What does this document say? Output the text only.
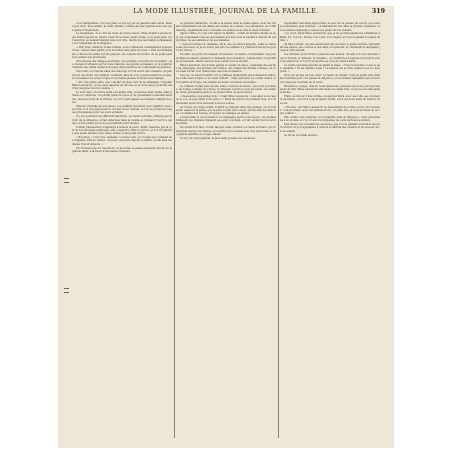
LA MODE ILLUSTRÉE, JOURNAL DE LA FAMILLE.	319

vous tranquillisez, s'il vous plaît, et que le jour se passera sans ennui. Mais voyez donc, mon enfant, la chère femme, comme elle me regarde avec ses yeux pleins d'inquiétude.

Le lendemain, on se mit en route de bonne heure. Mme Sophie Laurencin, qui était toujours en retard, avait dû se lever avant l'aube, et le petit Jean, tout endormi, se laissait habiller sans mot dire, tandis que les malles s'entassaient sur l'impériale de la diligence.

« Mon Dieu, disait la bonne femme, nous oublierons certainement quelque chose ; mais il faut partir, et le bon Dieu aura pitié de nous. » Elle recommandait à chacun de veiller sur les paquets, de compter les boîtes, de ne point perdre le panier aux provisions.

On traversa des villages endormis, des prairies couvertes de brouillard ; les chevaux trottaient sur la route blanche, les grelots sonnaient, et le postillon chantait une vieille chanson du pays dont personne ne comprenait les paroles.

Vers midi, on s'arrêta dans une auberge où l'on servit une omelette, du jambon et des fruits. Les enfants couraient dans la cour, poursuivaient les poules, et revenaient les joues rouges et les mains pleines de fleurs des champs.

« Ah ! ma chère amie, que cela fait de bien, l'air de la campagne ! répétait Mme Laurencin ; je me sens rajeunie de dix ans, et je crois que je pourrais marcher jusqu'au bout du monde. »

Le soir venu, on arriva enfin à la petite ville. La maison était vieille, mais grande et commode ; un jardin plein de roses et de groseilliers s'étendait derrière, jusqu'au bord de la rivière, où l'on voyait passer les bateaux chargés de bois.

Chacun s'installa de son mieux. Les enfants choisirent leur chambre sous les toits, d'où l'on apercevait le clocher et les collines, et l'on se promit de longues promenades pour les jours suivants.

Il y eut pourtant une difficulté imprévue : la vieille servante, effrayée par le bruit de la diligence, s'était enfermée dans la cuisine et refusait d'ouvrir à qui que ce fût, jurant qu'on ne la prendrait point vivante.

Il fallut parlementer longtemps à travers la porte. Enfin, rassurée par la voix de son ancienne maîtresse, elle consentit à tirer le verrou, et l'on vit paraître une petite femme toute ridée, armée d'une poêle à frire.

« Bon Dieu ! c'est vous, madame ! s'écria-t-elle ; je croyais que c'étaient des brigands. Entrez, entrez ; la soupe est prête depuis ce matin, et elle sera meilleure d'avoir attendu. »

On rit beaucoup de l'aventure, et la soirée se passa gaiement autour de la grande table, à la lueur d'une lampe fumeuse.

Le premier dimanche, on alla à la messe dans la vieille église, dont les vitraux répandaient sur les dalles des taches de couleur. Les paysannes, en coiffe blanche, regardaient avec curiosité ces dames de la ville et leurs toilettes.

Après l'office, le curé vint saluer la famille ; c'était un homme simple et bon, qui connaissait tous ses paroissiens par leur nom et parlait à chacun de ses récoltes, de ses enfants et de ses malades.

« Vous trouverez ici, madame, dit-il, une vie bien tranquille ; mais le calme a ses douceurs, et je ne doute pas que vos enfants n'y prennent des forces pour tout l'hiver. »

En effet, les jours s'écoulaient doucement. Le matin, on travaillait ; les jeunes filles brodaient, lisaient ou faisaient de la musique ; l'après-midi, on partait en promenade, tantôt vers les bois, tantôt vers le moulin.

Mme Laurencin, qui n'avait jamais su rester en place, organisait des parties de campagne, des goûters sur l'herbe, des visites aux fermes voisines, où l'on buvait du lait tout chaud dans des bols de faïence.

Un jour, on résolut d'aller voir le château abandonné qui dominait la vallée. La route était longue et le soleil brûlant ; mais personne ne voulut rester, et l'on partit en troupe, les enfants en avant, les mères en arrière.

Le château n'était plus qu'une ruine couverte de lierre ; les tours écroulées, les fossés comblés de ronces, la chapelle ouverte à tous les vents. Les enfants, ravis, grimpaient partout, au grand effroi de leurs mères.

« Descendez, descendez donc ! criait Mme Laurencin ; vous allez vous casser le cou, et que dirait votre père ? » Mais les petits n'écoutaient rien, et l'on entendait leurs rires résonner sous les voûtes.

Au retour, un orage éclata. Il fallut se réfugier dans une grange, où l'on attendit, assis sur la paille, que la pluie voulût bien cesser. On raconta des histoires, on chanta des rondes, et la peur se changea en gaieté.

Lorsqu'enfin le ciel s'éclaircit, la campagne parut toute neuve ; les feuilles brillaient, les chemins fumaient au soleil couchant, et l'air sentait bon la terre mouillée.

On rentra fort tard, crotté, fatigué, mais content. La vieille servante, qui s'inquiétait depuis des heures, accueillit tout le monde avec des reproches et une grande marmite de soupe chaude.

Ce fut, de l'avis général, la plus belle journée des vacances.

Cependant l'automne approchait, et avec lui la pensée du retour. Les soirées devenaient plus fraîches ; on allumait du feu dans la grande cheminée, et l'on restait longtemps à causer, les pieds sur les chenets.

« Je crois, disait Mme Laurencin, que je ne pourrai jamais me réhabituer à Paris. Ici, l'on vit ; là-bas, l'on court, l'on s'agite, et l'on n'a jamais le temps de rien. »

Sa fille souriait, car elle savait bien que sa mère, à peine rentrée, reprendrait ses visites, ses courses et ses mille occupations, et oublierait la campagne jusqu'à l'été suivant.

Les derniers jours furent consacrés aux adieux. On alla voir une dernière fois le moulin, le château, la fontaine ; on cueillit des bouquets de bruyère pour les emporter, et l'on fit promettre au curé de venir à Paris.

La vieille servante pleurait en pliant le linge. « Vous reviendrez, n'est-ce pas, madame ? Et les enfants aussi ? La maison est si triste quand vous n'y êtes point. »

On le lui promit de bon cœur. Le matin du départ, toute la petite ville était aux fenêtres pour voir passer la diligence, et les enfants agitaient leurs mouchoirs jusqu'au tournant de la route.

Pendant le voyage, chacun resta silencieux, pensant aux bons jours qui venaient de finir. Mme Laurencin elle-même ne disait rien, ce qui ne lui était jamais arrivé.

Enfin, au détour d'une colline, on aperçut Paris, avec ses toits, ses clochers et sa fumée ; et tout à coup la gaieté revint, car il est doux aussi de rentrer chez soi.

« Eh bien ! dit Mme Laurencin en descendant de voiture, nous voici revenus. L'an prochain, nous recommencerons ; et cette fois, je vous promets de ne rien oublier. »

Elle oublia, bien entendu, son parapluie dans la diligence ; mais personne ne s'en étonna, et l'on rit encore longtemps de cette dernière aventure.

Tels furent ces souvenirs de vacances, que l'on se plaisait à raconter les soirs d'hiver, et qui rappelaient à chacun le parfum des champs et la douceur de la vie simple.

La fin au prochain numéro.
